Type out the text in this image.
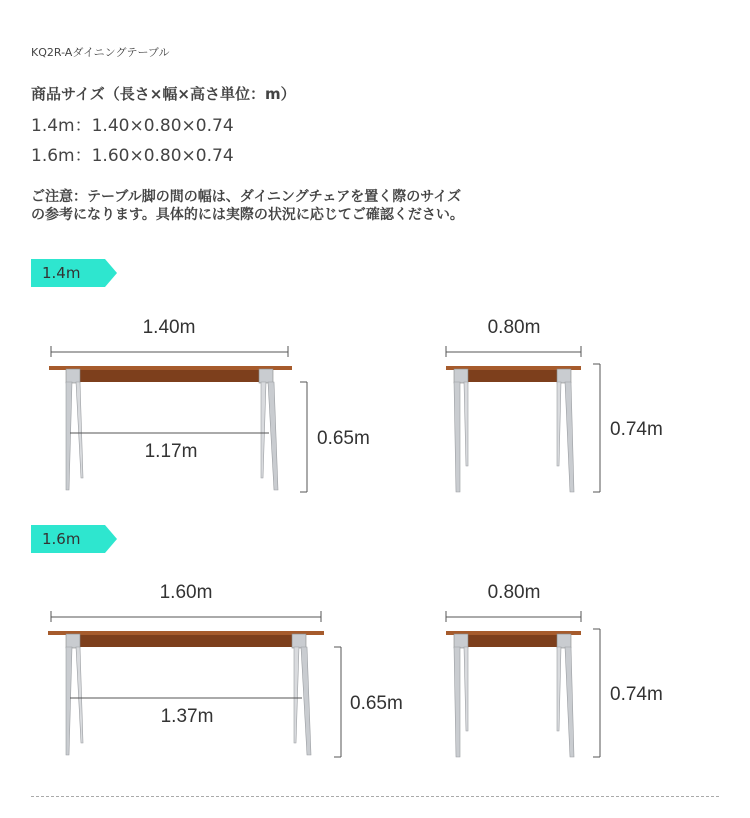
KQ2R-Aダイニングテーブル
商品サイズ（長さ×幅×高さ単位：m）
1.4m：1.40×0.80×0.74
1.6m：1.60×0.80×0.74
ご注意：テーブル脚の間の幅は、ダイニングチェアを置く際のサイズ
の参考になります。具体的には実際の状況に応じてご確認ください。
1.4m
1.40m
1.17m
0.65m
0.80m
0.74m
1.6m
1.60m
1.37m
0.65m
0.80m
0.74m
